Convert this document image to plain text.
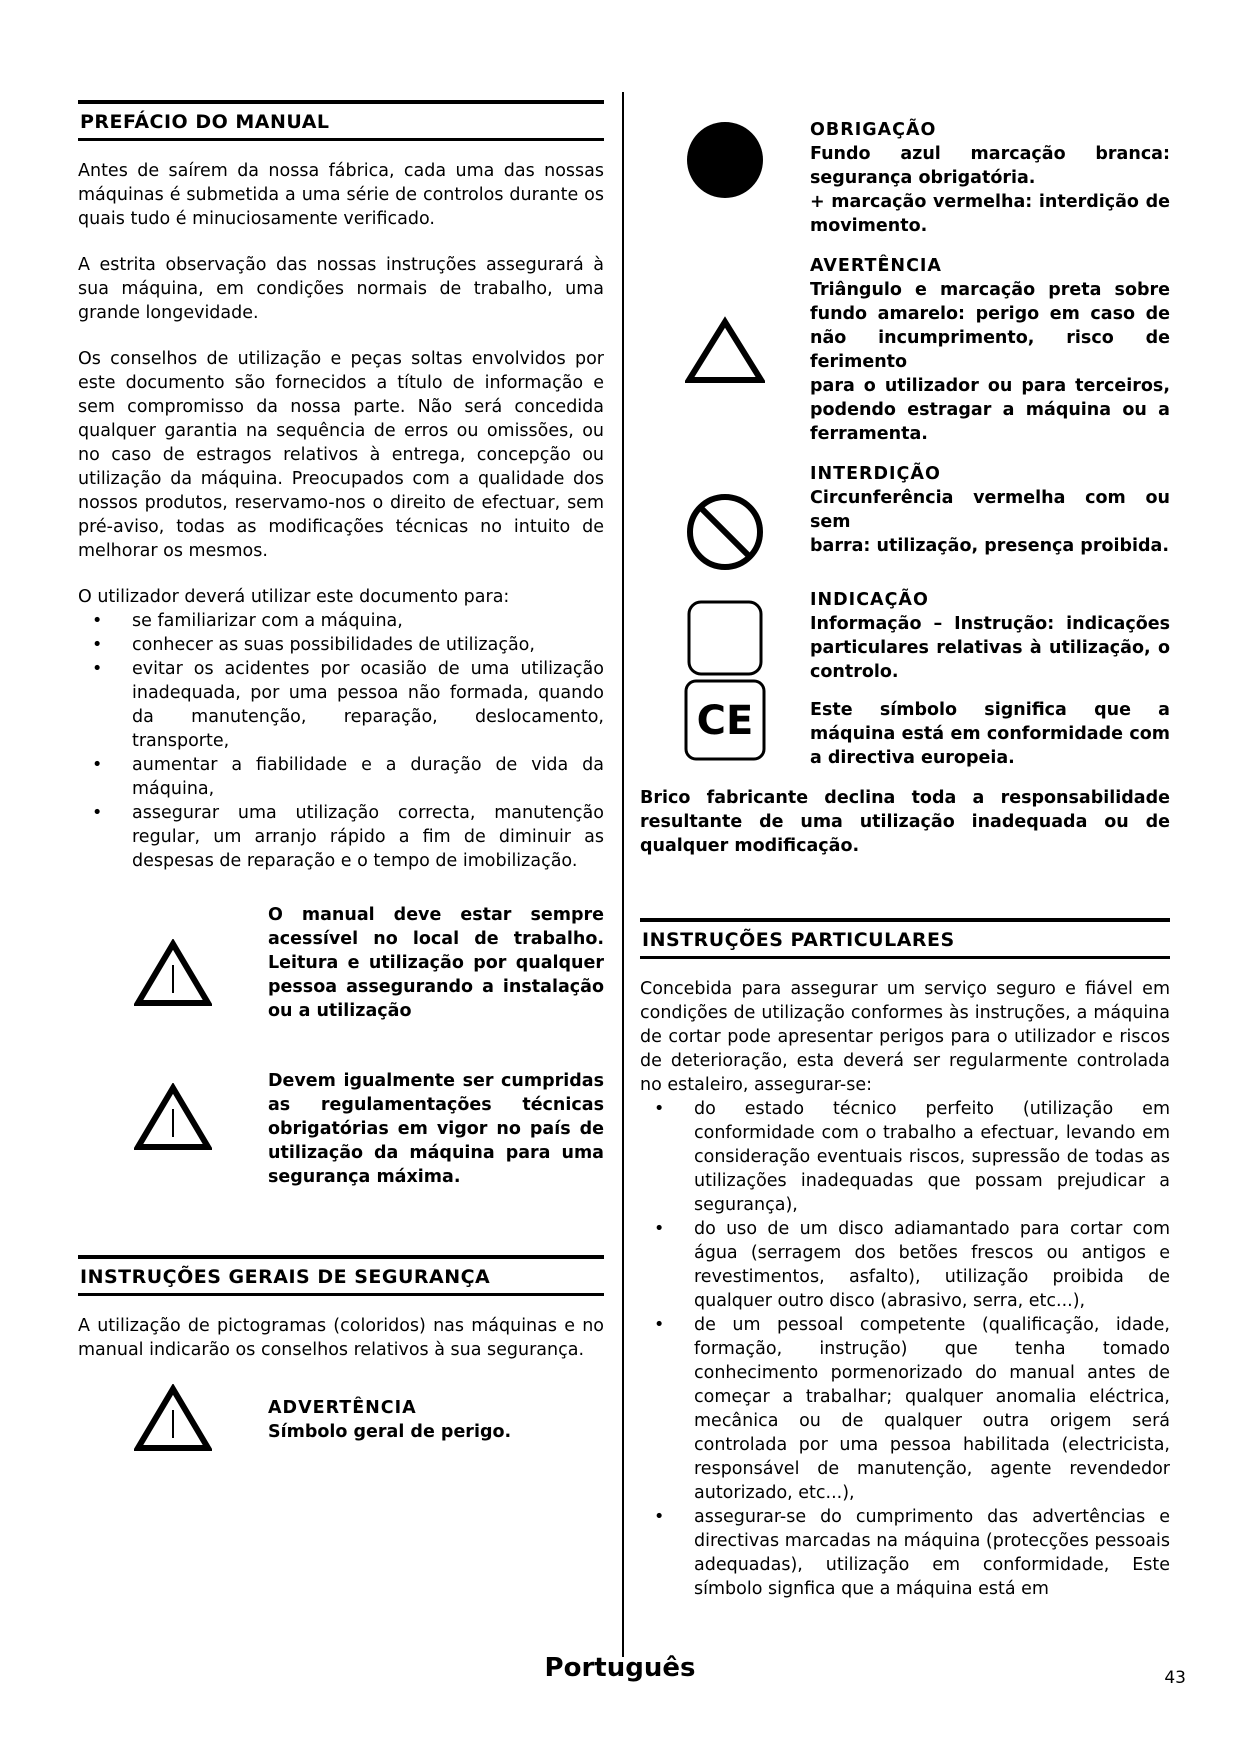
PREFÁCIO DO MANUAL

Antes de saírem da nossa fábrica, cada uma das nossas máquinas é submetida a uma série de controlos durante os quais tudo é minuciosamente verificado.

A estrita observação das nossas instruções assegurará à sua máquina, em condições normais de trabalho, uma grande longevidade.

Os conselhos de utilização e peças soltas envolvidos por este documento são fornecidos a título de informação e sem compromisso da nossa parte. Não será concedida qualquer garantia na sequência de erros ou omissões, ou no caso de estragos relativos à entrega, concepção ou utilização da máquina. Preocupados com a qualidade dos nossos produtos, reservamo-nos o direito de efectuar, sem pré-aviso, todas as modificações técnicas no intuito de melhorar os mesmos.

O utilizador deverá utilizar este documento para:

• se familiarizar com a máquina,
• conhecer as suas possibilidades de utilização,
• evitar os acidentes por ocasião de uma utilização inadequada, por uma pessoa não formada, quando da manutenção, reparação, deslocamento, transporte,
• aumentar a fiabilidade e a duração de vida da máquina,
• assegurar uma utilização correcta, manutenção regular, um arranjo rápido a fim de diminuir as despesas de reparação e o tempo de imobilização.
O manual deve estar sempre acessível no local de trabalho. Leitura e utilização por qualquer pessoa assegurando a instalação ou a utilização
Devem igualmente ser cumpridas as regulamentações técnicas obrigatórias em vigor no país de utilização da máquina para uma segurança máxima.
INSTRUÇÕES GERAIS DE SEGURANÇA

A utilização de pictogramas (coloridos) nas máquinas e no manual indicarão os conselhos relativos à sua segurança.

ADVERTÊNCIA
Símbolo geral de perigo.
OBRIGAÇÃO
Fundo azul marcação branca: segurança obrigatória.
+ marcação vermelha: interdição de movimento.
AVERTÊNCIA
Triângulo e marcação preta sobre fundo amarelo: perigo em caso de não incumprimento, risco de ferimento
para o utilizador ou para terceiros, podendo estragar a máquina ou a ferramenta.
INTERDIÇÃO
Circunferência vermelha com ou sem
barra: utilização, presença proibida.
INDICAÇÃO
Informação – Instrução: indicações particulares relativas à utilização, o controlo.
CE	Este símbolo significa que a máquina está em conformidade com a directiva europeia.
Brico fabricante declina toda a responsabilidade resultante de uma utilização inadequada ou de qualquer modificação.
INSTRUÇÕES PARTICULARES

Concebida para assegurar um serviço seguro e fiável em condições de utilização conformes às instruções, a máquina de cortar pode apresentar perigos para o utilizador e riscos de deterioração, esta deverá ser regularmente controlada no estaleiro, assegurar-se:

• do estado técnico perfeito (utilização em conformidade com o trabalho a efectuar, levando em consideração eventuais riscos, supressão de todas as utilizações inadequadas que possam prejudicar a segurança),
• do uso de um disco adiamantado para cortar com água (serragem dos betões frescos ou antigos e revestimentos, asfalto), utilização proibida de qualquer outro disco (abrasivo, serra, etc...),
• de um pessoal competente (qualificação, idade, formação, instrução) que tenha tomado conhecimento pormenorizado do manual antes de começar a trabalhar; qualquer anomalia eléctrica, mecânica ou de qualquer outra origem será controlada por uma pessoa habilitada (electricista, responsável de manutenção, agente revendedor autorizado, etc...),
• assegurar-se do cumprimento das advertências e directivas marcadas na máquina (protecções pessoais adequadas), utilização em conformidade, Este símbolo signfica que a máquina está em
Português	43
